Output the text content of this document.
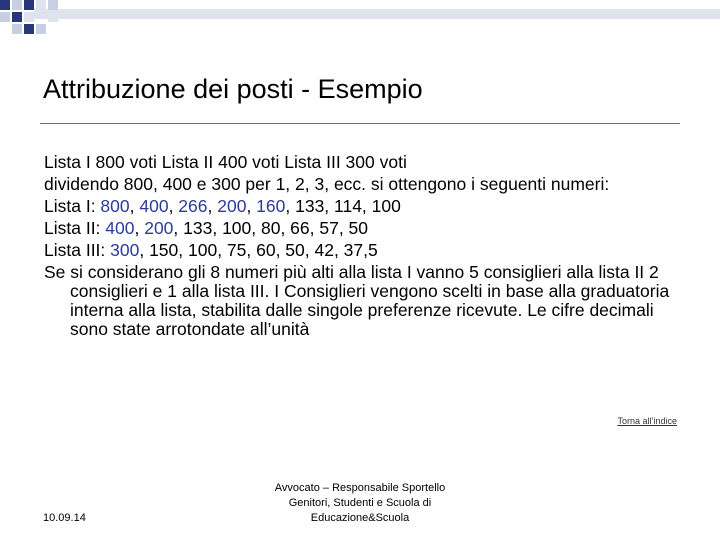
Attribuzione dei posti - Esempio

Lista I 800 voti Lista II 400 voti Lista III 300 voti

dividendo 800, 400 e 300 per 1, 2, 3, ecc. si ottengono i seguenti numeri:

Lista I: 800, 400, 266, 200, 160, 133, 114, 100

Lista II: 400, 200, 133, 100, 80, 66, 57, 50

Lista III: 300, 150, 100, 75, 60, 50, 42, 37,5

Se si considerano gli 8 numeri più alti alla lista I vanno 5 consiglieri alla lista II 2 consiglieri e 1 alla lista III. I Consiglieri vengono scelti in base alla graduatoria interna alla lista, stabilita dalle singole preferenze ricevute. Le cifre decimali sono state arrotondate all’unità

Torna all’indice
10.09.14
Avvocato – Responsabile Sportello
Genitori, Studenti e Scuola di
Educazione&Scuola
